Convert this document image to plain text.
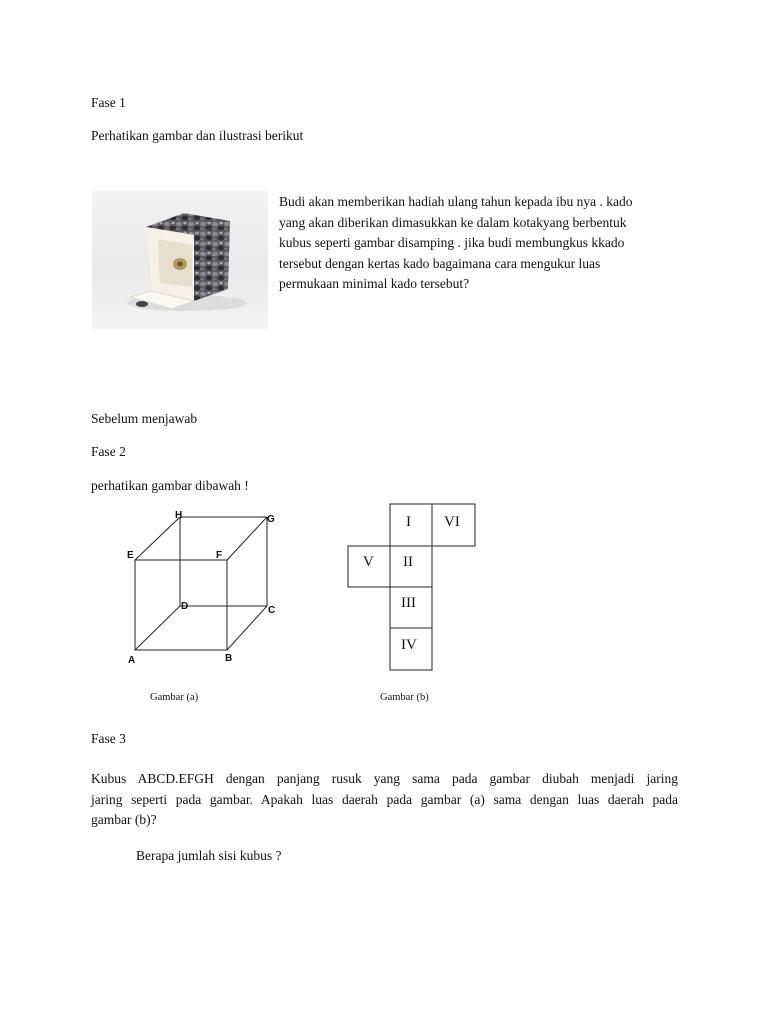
Fase 1
Perhatikan gambar dan ilustrasi berikut
Budi akan memberikan hadiah ulang tahun kepada ibu nya . kado
yang akan diberikan dimasukkan ke dalam kotakyang berbentuk
kubus seperti gambar disamping . jika budi membungkus kkado
tersebut dengan kertas kado bagaimana cara mengukur luas
permukaan minimal kado tersebut?
Sebelum menjawab
Fase 2
perhatikan gambar dibawah !
A	B
C
D
E	F
G
H	I VI
V II
III
IV
Gambar (a)	Gambar (b)
Fase 3
Kubus ABCD.EFGH dengan panjang rusuk yang sama pada gambar diubah menjadi jaring
jaring seperti pada gambar. Apakah luas daerah pada gambar (a) sama dengan luas daerah pada
gambar (b)?
Berapa jumlah sisi kubus ?
